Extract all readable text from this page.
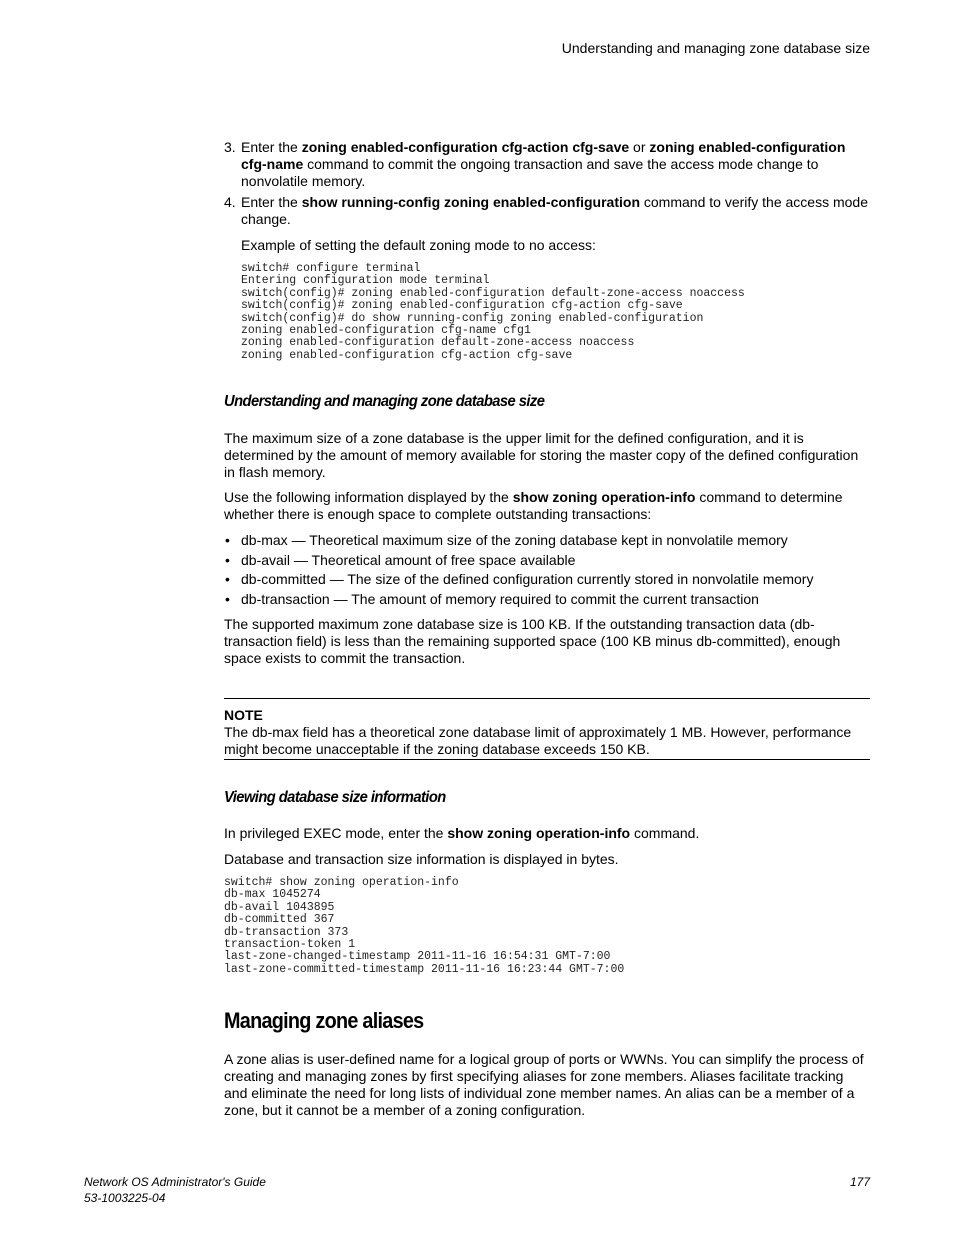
Understanding and managing zone database size
3. Enter the zoning enabled-configuration cfg-action cfg-save or zoning enabled-configuration cfg-name command to commit the ongoing transaction and save the access mode change to nonvolatile memory.

4. Enter the show running-config zoning enabled-configuration command to verify the access mode change.

Example of setting the default zoning mode to no access:

switch# configure terminal
Entering configuration mode terminal
switch(config)# zoning enabled-configuration default-zone-access noaccess
switch(config)# zoning enabled-configuration cfg-action cfg-save
switch(config)# do show running-config zoning enabled-configuration
zoning enabled-configuration cfg-name cfg1
zoning enabled-configuration default-zone-access noaccess
zoning enabled-configuration cfg-action cfg-save
Understanding and managing zone database size

The maximum size of a zone database is the upper limit for the defined configuration, and it is determined by the amount of memory available for storing the master copy of the defined configuration in flash memory.

Use the following information displayed by the show zoning operation-info command to determine whether there is enough space to complete outstanding transactions:

• db-max — Theoretical maximum size of the zoning database kept in nonvolatile memory
• db-avail — Theoretical amount of free space available
• db-committed — The size of the defined configuration currently stored in nonvolatile memory
• db-transaction — The amount of memory required to commit the current transaction

The supported maximum zone database size is 100 KB. If the outstanding transaction data (db-transaction field) is less than the remaining supported space (100 KB minus db-committed), enough space exists to commit the transaction.

NOTE

The db-max field has a theoretical zone database limit of approximately 1 MB. However, performance might become unacceptable if the zoning database exceeds 150 KB.

Viewing database size information

In privileged EXEC mode, enter the show zoning operation-info command.

Database and transaction size information is displayed in bytes.

switch# show zoning operation-info
db-max 1045274
db-avail 1043895
db-committed 367
db-transaction 373
transaction-token 1
last-zone-changed-timestamp 2011-11-16 16:54:31 GMT-7:00
last-zone-committed-timestamp 2011-11-16 16:23:44 GMT-7:00
Managing zone aliases

A zone alias is user-defined name for a logical group of ports or WWNs. You can simplify the process of creating and managing zones by first specifying aliases for zone members. Aliases facilitate tracking and eliminate the need for long lists of individual zone member names. An alias can be a member of a zone, but it cannot be a member of a zoning configuration.

Network OS Administrator's Guide
53-1003225-04
177
